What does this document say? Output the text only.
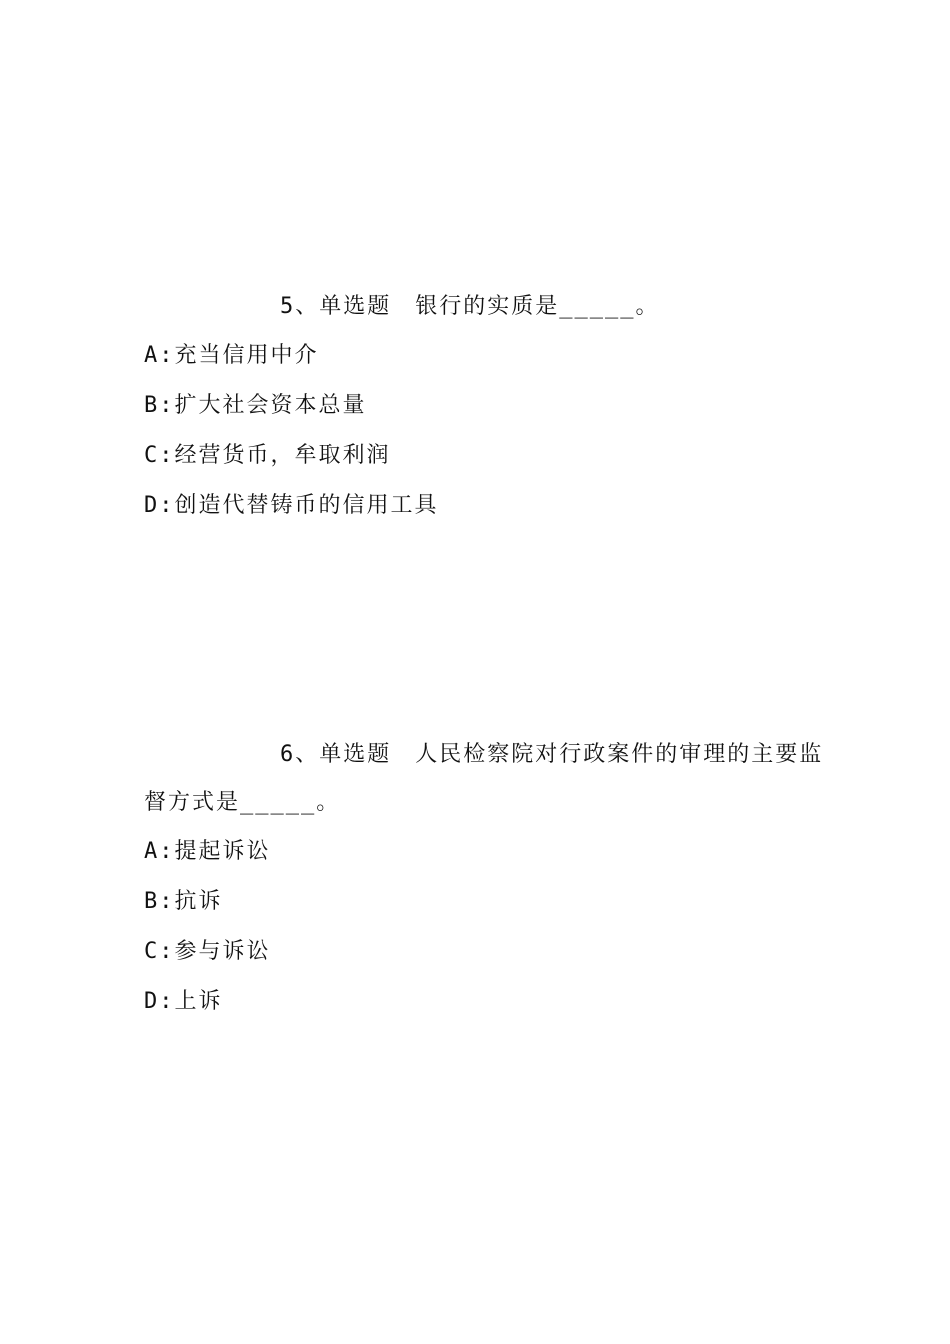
5、单选题 银行的实质是_____。

A:充当信用中介
B:扩大社会资本总量
C:经营货币，牟取利润
D:创造代替铸币的信用工具

6、单选题 人民检察院对行政案件的审理的主要监督方式是_____。

A:提起诉讼
B:抗诉
C:参与诉讼
D:上诉
